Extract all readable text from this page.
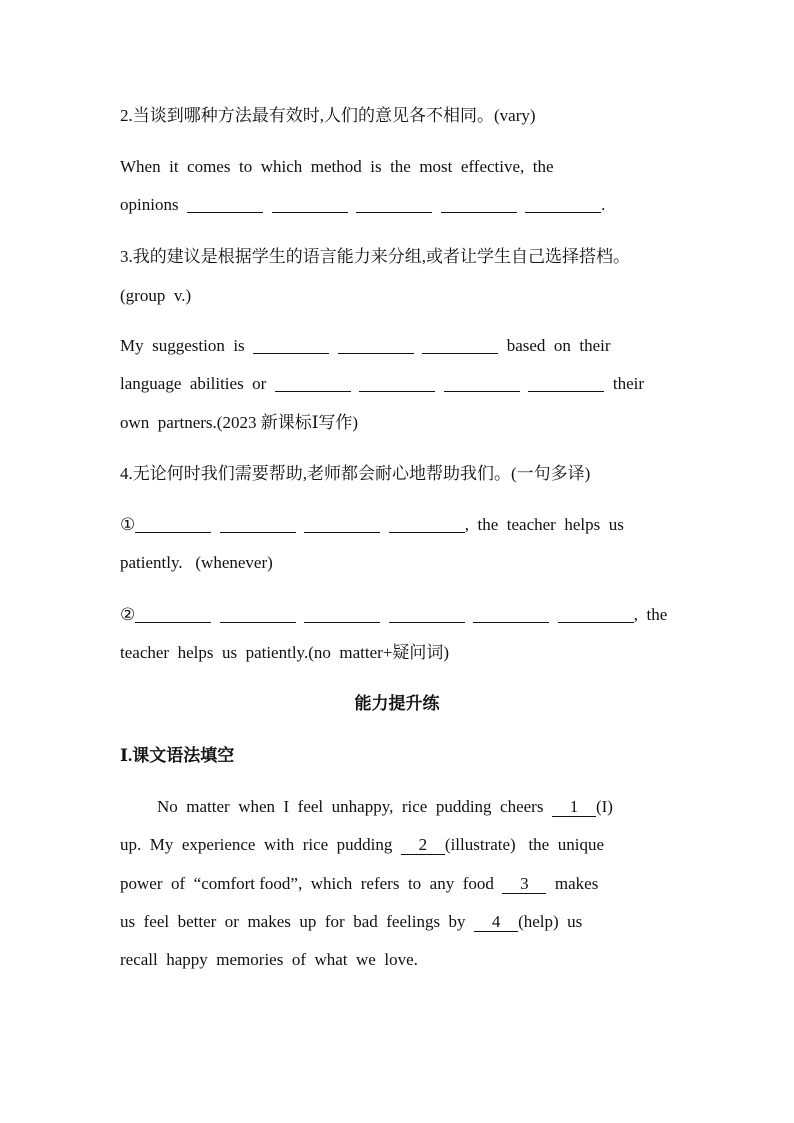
2.当谈到哪种方法最有效时,人们的意见各不相同。(vary)

When  it  comes  to  which  method  is  the  most  effective,  the

opinions	.

3.我的建议是根据学生的语言能力来分组,或者让学生自己选择搭档。

(group  v.)

My  suggestion  is	based  on  their

language  abilities  or	their

own  partners.(2023 新课标Ⅰ写作)

4.无论何时我们需要帮助,老师都会耐心地帮助我们。(一句多译)

①	,  the  teacher  helps  us

patiently.   (whenever)

②	,  the

teacher  helps  us  patiently.(no  matter+疑问词)

能力提升练

Ⅰ.课文语法填空

No  matter  when  I  feel  unhappy,  rice  pudding  cheers  1 (I)

up.  My  experience  with  rice  pudding  2 (illustrate)   the  unique

power  of  “comfort food”,  which  refers  to  any  food  3  makes

us  feel  better  or  makes  up  for  bad  feelings  by  4 (help)  us

recall  happy  memories  of  what  we  love.
